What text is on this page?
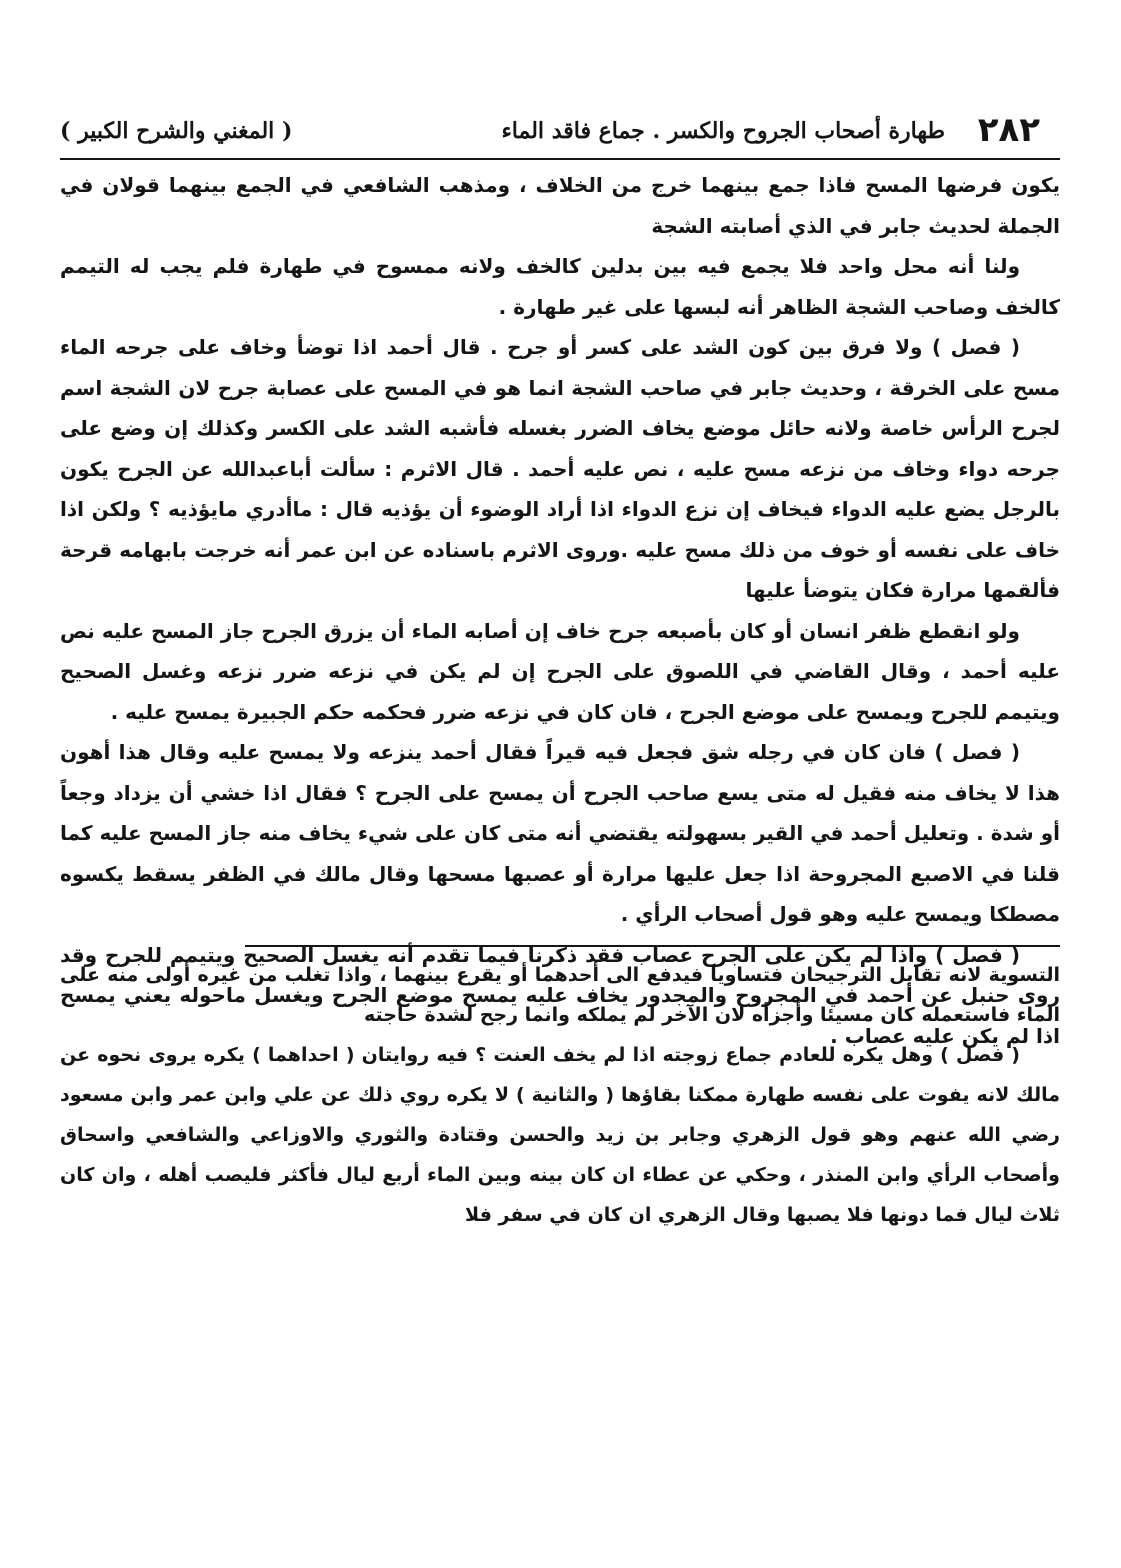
٢٨٢
طهارة أصحاب الجروح والكسر . جماع فاقد الماء
( المغني والشرح الكبير )

يكون فرضها المسح فاذا جمع بينهما خرج من الخلاف ، ومذهب الشافعي في الجمع بينهما قولان في الجملة لحديث جابر في الذي أصابته الشجة

ولنا أنه محل واحد فلا يجمع فيه بين بدلين كالخف ولانه ممسوح في طهارة فلم يجب له التيمم كالخف وصاحب الشجة الظاهر أنه لبسها على غير طهارة .

( فصل ) ولا فرق بين كون الشد على كسر أو جرح . قال أحمد اذا توضأ وخاف على جرحه الماء مسح على الخرقة ، وحديث جابر في صاحب الشجة انما هو في المسح على عصابة جرح لان الشجة اسم لجرح الرأس خاصة ولانه حائل موضع يخاف الضرر بغسله فأشبه الشد على الكسر وكذلك إن وضع على جرحه دواء وخاف من نزعه مسح عليه ، نص عليه أحمد . قال الاثرم : سألت أباعبدالله عن الجرح يكون بالرجل يضع عليه الدواء فيخاف إن نزع الدواء اذا أراد الوضوء أن يؤذيه قال : ماأدري مايؤذيه ؟ ولكن اذا خاف على نفسه أو خوف من ذلك مسح عليه .وروى الاثرم باسناده عن ابن عمر أنه خرجت بابهامه قرحة فألقمها مرارة فكان يتوضأ عليها

ولو انقطع ظفر انسان أو كان بأصبعه جرح خاف إن أصابه الماء أن يزرق الجرح جاز المسح عليه نص عليه أحمد ، وقال القاضي في اللصوق على الجرح إن لم يكن في نزعه ضرر نزعه وغسل الصحيح ويتيمم للجرح ويمسح على موضع الجرح ، فان كان في نزعه ضرر فحكمه حكم الجبيرة يمسح عليه .

( فصل ) فان كان في رجله شق فجعل فيه قيراً فقال أحمد ينزعه ولا يمسح عليه وقال هذا أهون هذا لا يخاف منه فقيل له متى يسع صاحب الجرح أن يمسح على الجرح ؟ فقال اذا خشي أن يزداد وجعاً أو شدة . وتعليل أحمد في القير بسهولته يقتضي أنه متى كان على شيء يخاف منه جاز المسح عليه كما قلنا في الاصبع المجروحة اذا جعل عليها مرارة أو عصبها مسحها وقال مالك في الظفر يسقط يكسوه مصطكا ويمسح عليه وهو قول أصحاب الرأي .

( فصل ) واذا لم يكن على الجرح عصاب فقد ذكرنا فيما تقدم أنه يغسل الصحيح ويتيمم للجرح وقد روى حنبل عن أحمد في المجروح والمجدور يخاف عليه يمسح موضع الجرح ويغسل ماحوله يعني يمسح اذا لم يكن عليه عصاب .

التسوية لانه تقابل الترجيحان فتساويا فيدفع الى أحدهما أو يقرع بينهما ، واذا تغلب من غيره أولى منه على الماء فاستعمله كان مسيئا وأجزأه لان الآخر لم يملكه وانما رجح لشدة حاجته

( فصل ) وهل يكره للعادم جماع زوجته اذا لم يخف العنت ؟ فيه روايتان ( احداهما ) يكره يروى نحوه عن مالك لانه يفوت على نفسه طهارة ممكنا بقاؤها ( والثانية ) لا يكره روي ذلك عن علي وابن عمر وابن مسعود رضي الله عنهم وهو قول الزهري وجابر بن زيد والحسن وقتادة والثوري والاوزاعي والشافعي واسحاق وأصحاب الرأي وابن المنذر ، وحكي عن عطاء ان كان بينه وبين الماء أربع ليال فأكثر فليصب أهله ، وان كان ثلاث ليال فما دونها فلا يصبها وقال الزهري ان كان في سفر فلا
